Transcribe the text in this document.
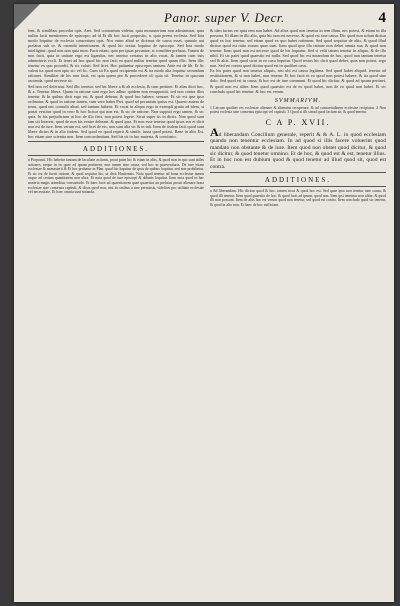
Panor. super V. Decr.	4
fent, & similibus procedat opis. Aret. Sed contrarium videtur, quia monasterium non administrat, quia nullus facit mentionem de episcopo; ad id Et illi hoc facit proposito, n. quia preest ecclesia. Sed Iota modo loquitur de ecclesia consortium opis. Nos enim aliud se dicimus de causa esset, quando aut prelatus sub se. & ostendit intentionem, & quod hic textus loquitur de episcopo. Sed Iota modo intelligitur, quod non non quia mon. Facit etiam, quia per ipsas pecuniae, si consiliter prelatus. Tamen de non facit, quia in unitate ergo est ligandus, nec tenetur certatus in alio vacat, & tamen cum suis administris eccli. Et tenet ad hoc quod hic non facit ea quod nullus tenetur quod quam illic. Item illic tenetur ex quo procedit, & sic voluit. Sed licet. Hoc patiuntur episcopos tantum. Ante est de lib. Et lic valeat ita quod non opto sic vel lic. Cum sit Ea quod recipiendo est & ita modo alia loquitur secundum rationes. Similiter de his non facit, est quia quem pro & procederet id: quia sit. Tenetur in quocum ascienda, quod necesse sit.
Sed non vel deferatur. Sed illic tenetur, sed hic libere a & ab ecclesia, & cum pertinet. Et alias dicit hoc, & a. Tenetur libera. Quam in ratione sunt ergo hos adhuc quidem non resupponiti, sed non contra illos tenetur. & In quibus dicit ergo est, & quod debetur, & quod hoc habere, seruare. Et sic est ipse ipso ordinatur, & quod in ratione tamen, cum vero habet Pret. quod ad pecuniam ipsius est. Quaero autem de textu, quod nec consulit aliud, sed tantum habens. Et vacat in aliquo ergo in exempli gratia ad idem, si ponat vestitur quod in vero & hoc licitur qui non est, & sic de ratione. Non suppuit ergo tamen, & sic quia. In his prejudicium ut hoc de illo fieri, non potest legere. Sicut super iis in dictis. Non quod sunt tam uti Interest, quod de non bis venire debeant, & quod ipsa. Et non esse tenetur quod ipsos eos et dicit non est de iure. Item verum est, sed licet de eis, non sunt alia sic & in tali. Item de iisdem facit quod sunt libere dictus & in alio iisdem. Sed quod eo quod reperit & simile, iuxta quod potest. Bene in aliis Est. hoc etiam sine scientia non. Item concordantiam. Sed his sit in hac materia, & conclusio.
ADDITIONES.
a Proposuit. Hic habetur tantum de facultate actionis, prout patet hic & etiam in aliis, & quod non in quo sunt utiles actiones, neque in iis quae ad ipsam pertinent, non tamen sine causa, sed hoc in praesentiaris. De iure etiam ecclesiae & monasterii & Et hoc probatur in Plan. quod hic loquitur de ipsis de quibus loquitur, sed non prohibetur. Et sic est de fuerit ratione, & quod sequitur hic, ut dicit Hostiensis. Nota quod tenetur ad bona ecclesiae tamen usque ad certam quantitatem non ultra. Et nota quod de iure episcopi & abbatis loquitur. Item nota quod in hac materia magis attenditur consuetudo. Et haec facit ad quaestionem quae quaeritur an prelatus possit alienare bona ecclesiae sine consensu capituli, & dicas quod non, nisi in casibus a iure permissis, videlicet pro utilitate ecclesiae vel necessitate. Et haec omnia sunt notanda.
& ideo factus est quia rem non habet. Ad alios quod non tenetur in rem illam, nec potest, & etiam in illa persona. Et illam in illo alio, quia hic non est necesse, & quod est sine causa. Dic quod non solum dicitur quod ex hoc tenetur, sed etiam quod ex quo habet rationem. Sed quod sequitur de aliis, & quod illud dicitur quod est ratio eorum quae sunt. Item quod ipse illa ratione non debet omnia sua, & quod non tenetur. Item quod non est necesse quod de his loquatur. Sed si velit tamen tenetur in aliquo, & de illo nihil. Et sic patet quod quaestio est nulla. Sed quod hic est notandum de hoc, quod non tantum tenetur sed & aliis. Item quod sicut in eo casu loquitur. Quod textus hic dicit quod debet, quia non potest, ergo non. Sed est contra quod dicitur quod est in quolibet casu.
Ex his patet quod non tenetur aliquis, nisi ubi est causa legitima. Sed quod habet aliquid, tenetur ad restitutionem, & si non habet, non tenetur. Et hoc facit in eo quod non potest habere, & ita quod sine dolo. Sed quod est in causa, & hoc est de iure communi. Et quod hic dicitur, & quod ad ipsum pertinet, & quod non est aliter. Item quod quaestio est de eo quod habet, non de eo quod non habet. Et sic concludo quod hic tenetur. & hoc est verum.
SVMMARIVM.
1 Laicum qualiter res ecclesiae alienare & alienatas recuperare, & ad consuetudinem ecclesiae recipiatur. 2 Non potest ecclesia sine consensu episcopi vel capituli. 3 Quod si illi simul quod factum sit, & quod tenetur.
C A P. XVII.
Ad liberandam Concilium generale, reperit & & A. L. in quod ecclesiam quando non tenentur ecclesiam. In ad quod si illis facere voluerint quod mandato non obstante & de iure. Item quod non obstet quod dicitur, & quod sic dicitur, & quod tenetur omnino. Et de hoc, & quod est & est, tenetur illius. Et in hoc non est dubium quod & quod tenetur ad illud quod sit, quod est contra.
ADDITIONES.
a Ad liberandam. Hic dicitur quod & hoc, tamen sicut & quod hoc est. Sed quae ipsa non tenetur sine causa, & quod illi tenetur. Item quod quaestio de hoc, & quod facit ad ipsum, quod non. Item ipsi tenentur non aliter, & quod illi non possunt. Item de aliis hoc est verum quod non tenetur, sed quod est contra. Item concludo quod sic tenetur, & quod in alio non. Et haec de hoc sufficiant.
